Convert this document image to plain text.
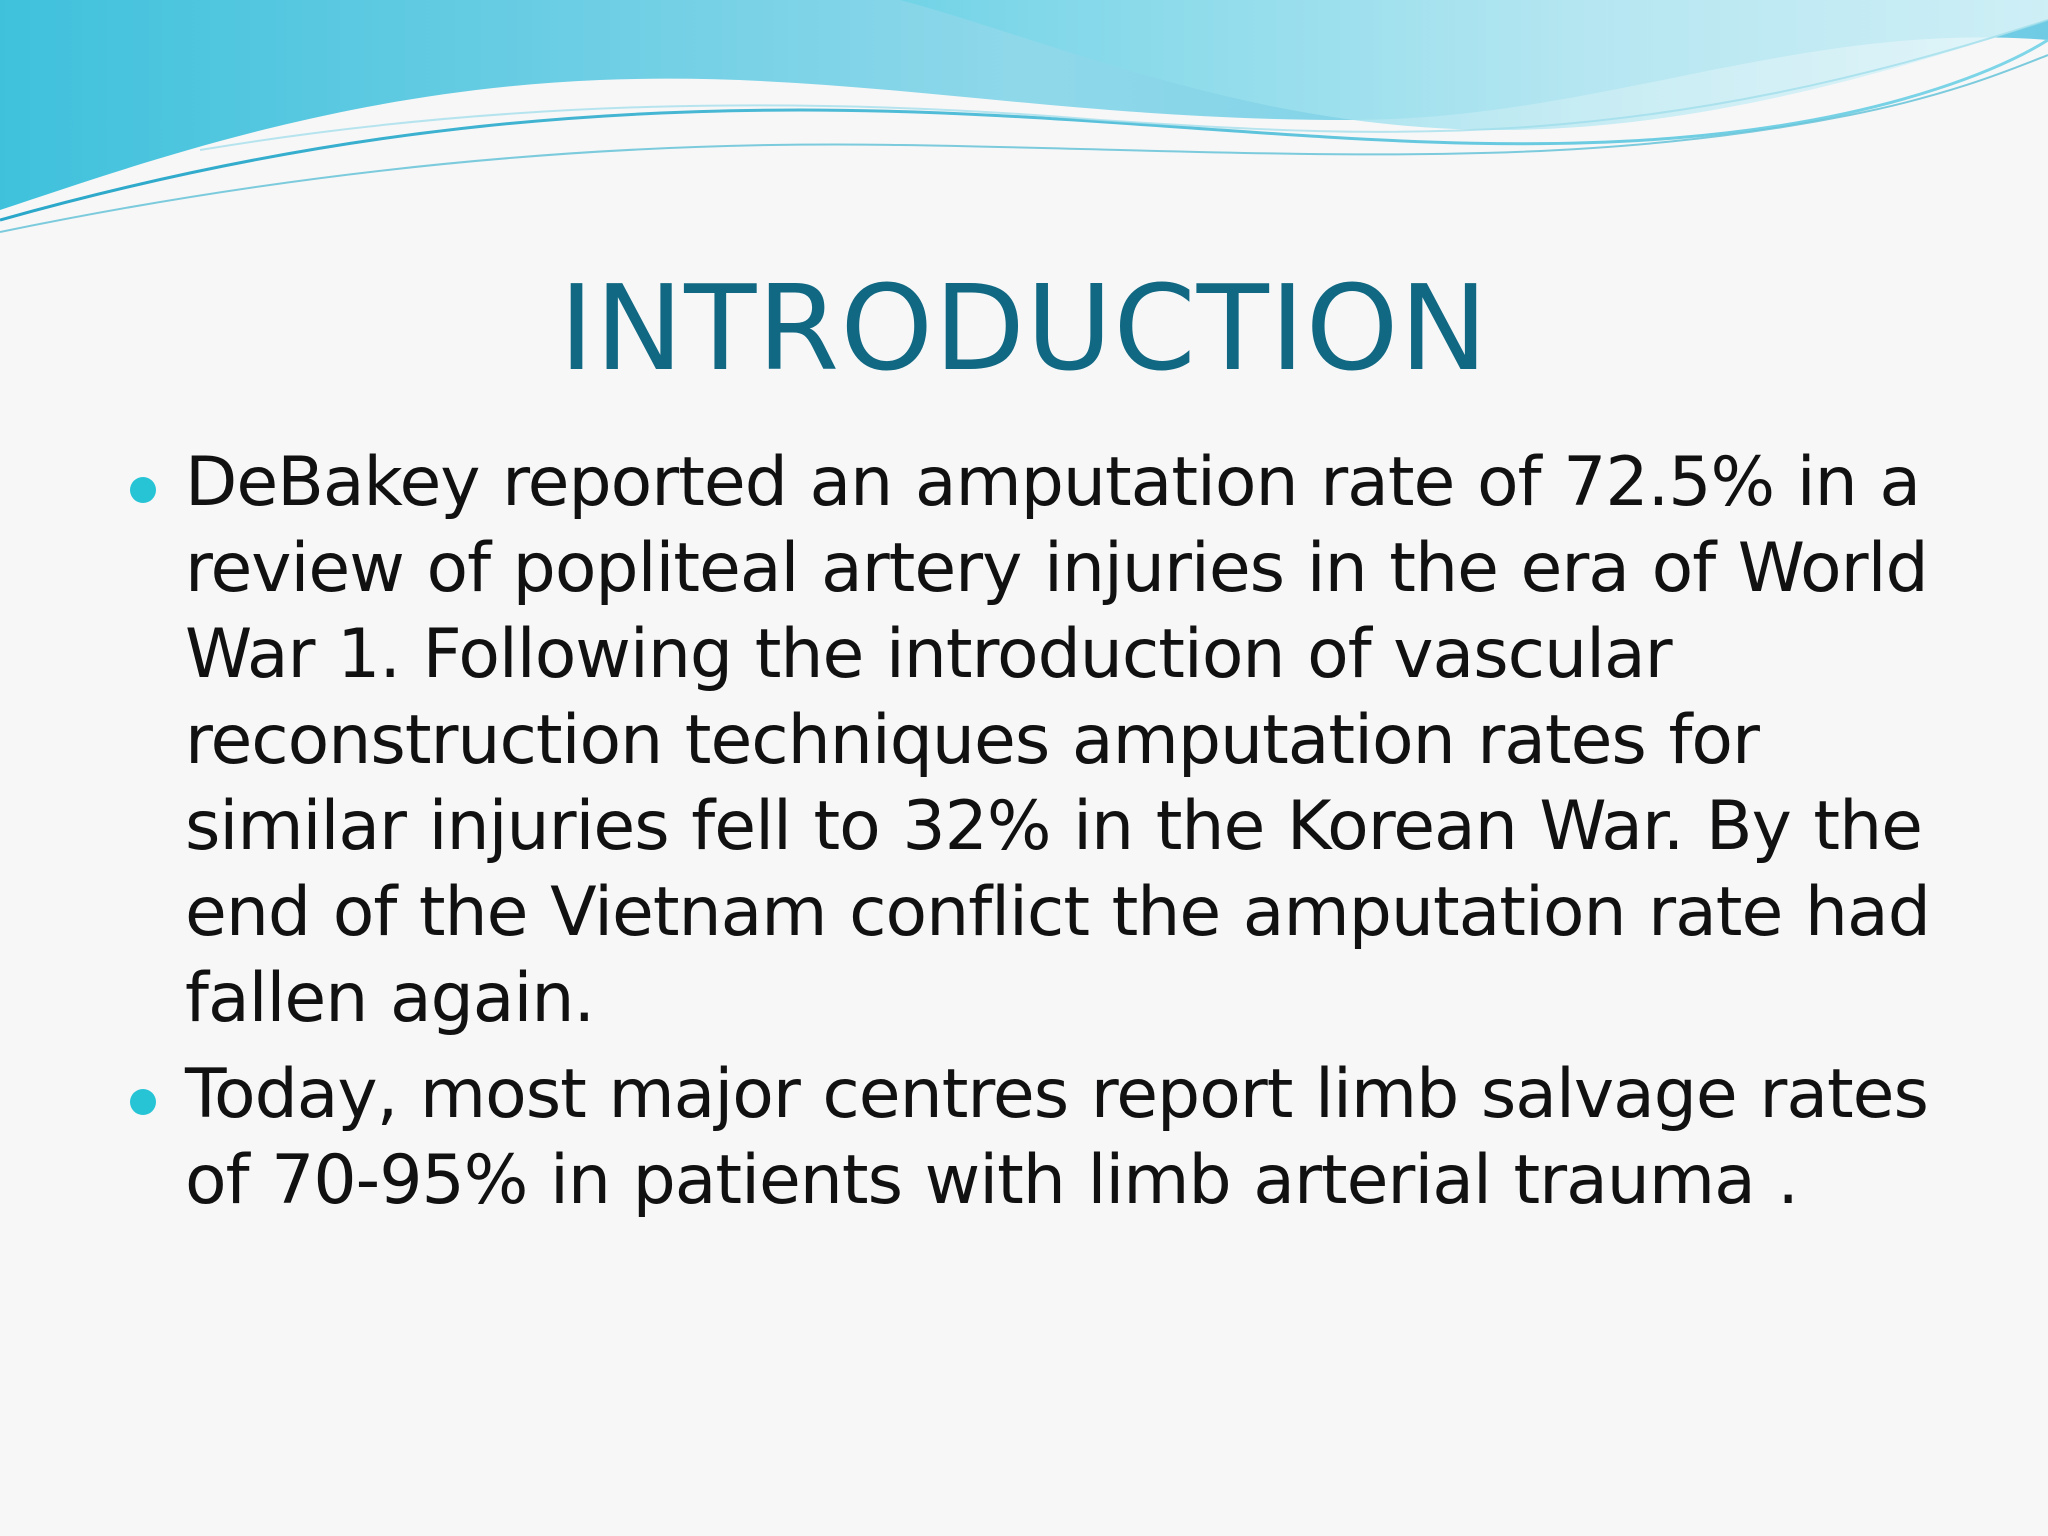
INTRODUCTION
DeBakey reported an amputation rate of 72.5% in a review of popliteal artery injuries in the era of World War 1. Following the introduction of vascular reconstruction techniques amputation rates for similar injuries fell to 32% in the Korean War. By the end of the Vietnam conflict the amputation rate had fallen again.
Today, most major centres report limb salvage rates of 70-95% in patients with limb arterial trauma .
